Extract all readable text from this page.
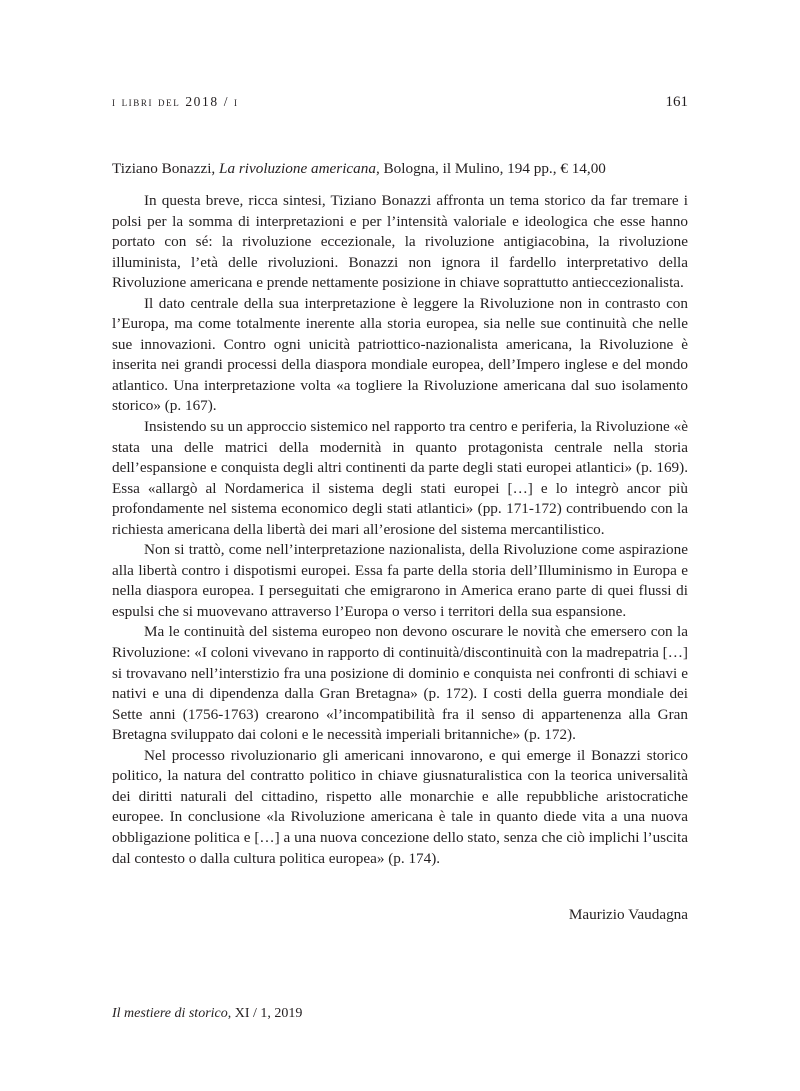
i libri del 2018 / i	161
Tiziano Bonazzi, La rivoluzione americana, Bologna, il Mulino, 194 pp., € 14,00

In questa breve, ricca sintesi, Tiziano Bonazzi affronta un tema storico da far tremare i polsi per la somma di interpretazioni e per l’intensità valoriale e ideologica che esse hanno portato con sé: la rivoluzione eccezionale, la rivoluzione antigiacobina, la rivoluzione illuminista, l’età delle rivoluzioni. Bonazzi non ignora il fardello interpretativo della Rivoluzione americana e prende nettamente posizione in chiave soprattutto antieccezionalista.

Il dato centrale della sua interpretazione è leggere la Rivoluzione non in contrasto con l’Europa, ma come totalmente inerente alla storia europea, sia nelle sue continuità che nelle sue innovazioni. Contro ogni unicità patriottico-nazionalista americana, la Rivoluzione è inserita nei grandi processi della diaspora mondiale europea, dell’Impero inglese e del mondo atlantico. Una interpretazione volta «a togliere la Rivoluzione americana dal suo isolamento storico» (p. 167).

Insistendo su un approccio sistemico nel rapporto tra centro e periferia, la Rivoluzione «è stata una delle matrici della modernità in quanto protagonista centrale nella storia dell’espansione e conquista degli altri continenti da parte degli stati europei atlantici» (p. 169). Essa «allargò al Nordamerica il sistema degli stati europei […] e lo integrò ancor più profondamente nel sistema economico degli stati atlantici» (pp. 171-172) contribuendo con la richiesta americana della libertà dei mari all’erosione del sistema mercantilistico.

Non si trattò, come nell’interpretazione nazionalista, della Rivoluzione come aspirazione alla libertà contro i dispotismi europei. Essa fa parte della storia dell’Illuminismo in Europa e nella diaspora europea. I perseguitati che emigrarono in America erano parte di quei flussi di espulsi che si muovevano attraverso l’Europa o verso i territori della sua espansione.

Ma le continuità del sistema europeo non devono oscurare le novità che emersero con la Rivoluzione: «I coloni vivevano in rapporto di continuità/discontinuità con la madrepatria […] si trovavano nell’interstizio fra una posizione di dominio e conquista nei confronti di schiavi e nativi e una di dipendenza dalla Gran Bretagna» (p. 172). I costi della guerra mondiale dei Sette anni (1756-1763) crearono «l’incompatibilità fra il senso di appartenenza alla Gran Bretagna sviluppato dai coloni e le necessità imperiali britanniche» (p. 172).

Nel processo rivoluzionario gli americani innovarono, e qui emerge il Bonazzi storico politico, la natura del contratto politico in chiave giusnaturalistica con la teorica universalità dei diritti naturali del cittadino, rispetto alle monarchie e alle repubbliche aristocratiche europee. In conclusione «la Rivoluzione americana è tale in quanto diede vita a una nuova obbligazione politica e […] a una nuova concezione dello stato, senza che ciò implichi l’uscita dal contesto o dalla cultura politica europea» (p. 174).

Maurizio Vaudagna
Il mestiere di storico, XI / 1, 2019
